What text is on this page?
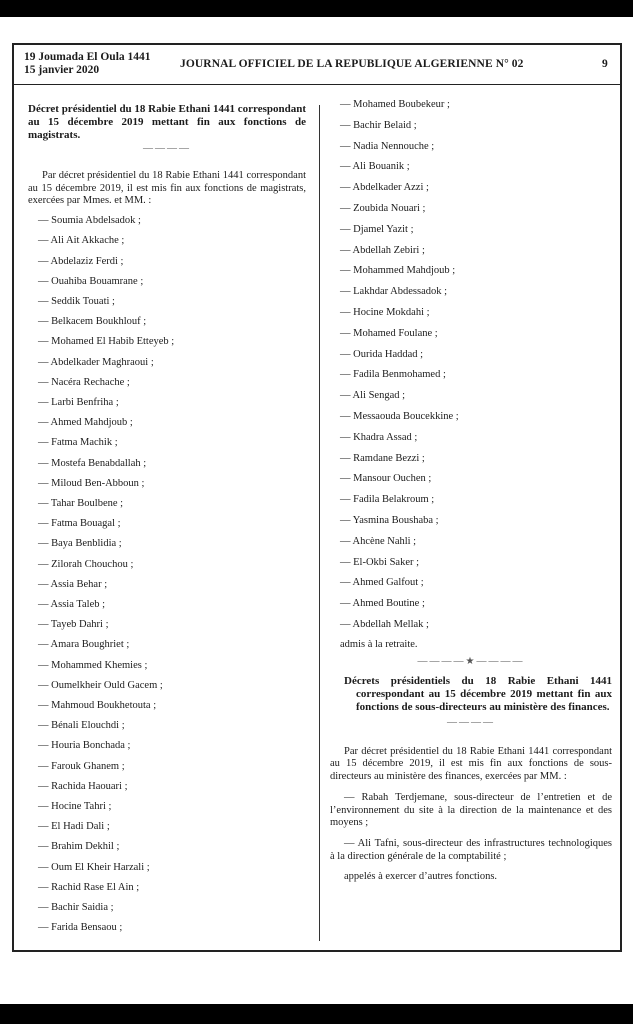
19 Joumada El Oula 1441
15 janvier 2020	JOURNAL OFFICIEL DE LA REPUBLIQUE ALGERIENNE N° 02	9
Décret présidentiel du 18 Rabie Ethani 1441 correspondant au 15 décembre 2019 mettant fin aux fonctions de magistrats.
————
Par décret présidentiel du 18 Rabie Ethani 1441 correspondant au 15 décembre 2019, il est mis fin aux fonctions de magistrats, exercées par Mmes. et MM. :
— Soumia Abdelsadok ;
— Ali Ait Akkache ;
— Abdelaziz Ferdi ;
— Ouahiba Bouamrane ;
— Seddik Touati ;
— Belkacem Boukhlouf ;
— Mohamed El Habib Etteyeb ;
— Abdelkader Maghraoui ;
— Nacéra Rechache ;
— Larbi Benfriha ;
— Ahmed Mahdjoub ;
— Fatma Machik ;
— Mostefa Benabdallah ;
— Miloud Ben-Abboun ;
— Tahar Boulbene ;
— Fatma Bouagal ;
— Baya Benblidia ;
— Zilorah Chouchou ;
— Assia Behar ;
— Assia Taleb ;
— Tayeb Dahri ;
— Amara Boughriet ;
— Mohammed Khemies ;
— Oumelkheir Ould Gacem ;
— Mahmoud Boukhetouta ;
— Bénali Elouchdi ;
— Houria Bonchada ;
— Farouk Ghanem ;
— Rachida Haouari ;
— Hocine Tahri ;
— El Hadi Dali ;
— Brahim Dekhil ;
— Oum El Kheir Harzali ;
— Rachid Rase El Ain ;
— Bachir Saidia ;
— Farida Bensaou ;
— Mohamed Boubekeur ;
— Bachir Belaid ;
— Nadia Nennouche ;
— Ali Bouanik ;
— Abdelkader Azzi ;
— Zoubida Nouari ;
— Djamel Yazit ;
— Abdellah Zebiri ;
— Mohammed Mahdjoub ;
— Lakhdar Abdessadok ;
— Hocine Mokdahi ;
— Mohamed Foulane ;
— Ourida Haddad ;
— Fadila Benmohamed ;
— Ali Sengad ;
— Messaouda Boucekkine ;
— Khadra Assad ;
— Ramdane Bezzi ;
— Mansour Ouchen ;
— Fadila Belakroum ;
— Yasmina Boushaba ;
— Ahcène Nahli ;
— El-Okbi Saker ;
— Ahmed Galfout ;
— Ahmed Boutine ;
— Abdellah Mellak ;
admis à la retraite.
————★————
Décrets présidentiels du 18 Rabie Ethani 1441 correspondant au 15 décembre 2019 mettant fin aux fonctions de sous-directeurs au ministère des finances.
————
Par décret présidentiel du 18 Rabie Ethani 1441 correspondant au 15 décembre 2019, il est mis fin aux fonctions de sous-directeurs au ministère des finances, exercées par MM. :
— Rabah Terdjemane, sous-directeur de l’entretien et de l’environnement du site à la direction de la maintenance et des moyens ;
— Ali Tafni, sous-directeur des infrastructures technologiques à la direction générale de la comptabilité ;
appelés à exercer d’autres fonctions.
